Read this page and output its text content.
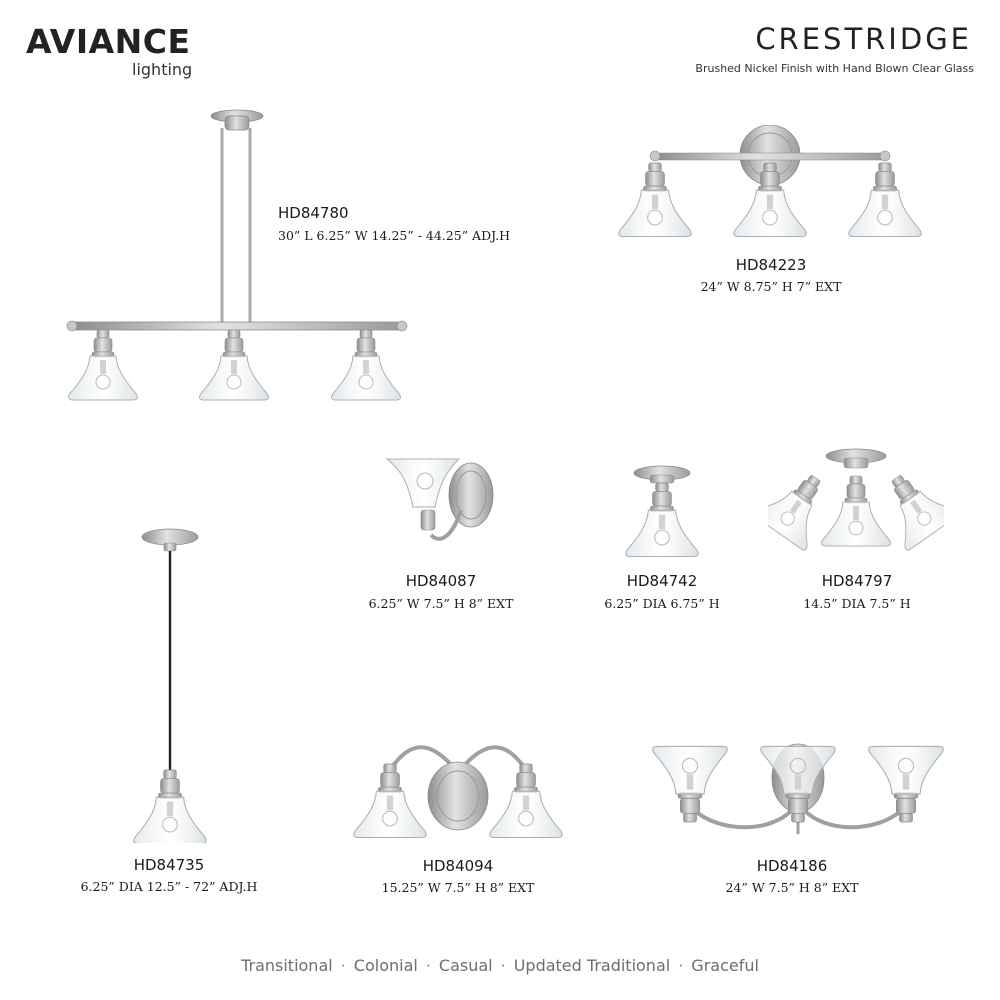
AVIANCE
lighting
CRESTRIDGE
Brushed Nickel Finish with Hand Blown Clear Glass
HD84780
30” L 6.25” W 14.25” - 44.25” ADJ.H
HD84223
24” W 8.75” H 7” EXT
HD84087
6.25” W 7.5” H 8” EXT
HD84742
6.25” DIA 6.75” H
HD84797
14.5” DIA 7.5” H
HD84735
6.25” DIA 12.5” - 72” ADJ.H
HD84094
15.25” W 7.5” H 8” EXT
HD84186
24” W 7.5” H 8” EXT
Transitional · Colonial · Casual · Updated Traditional · Graceful
